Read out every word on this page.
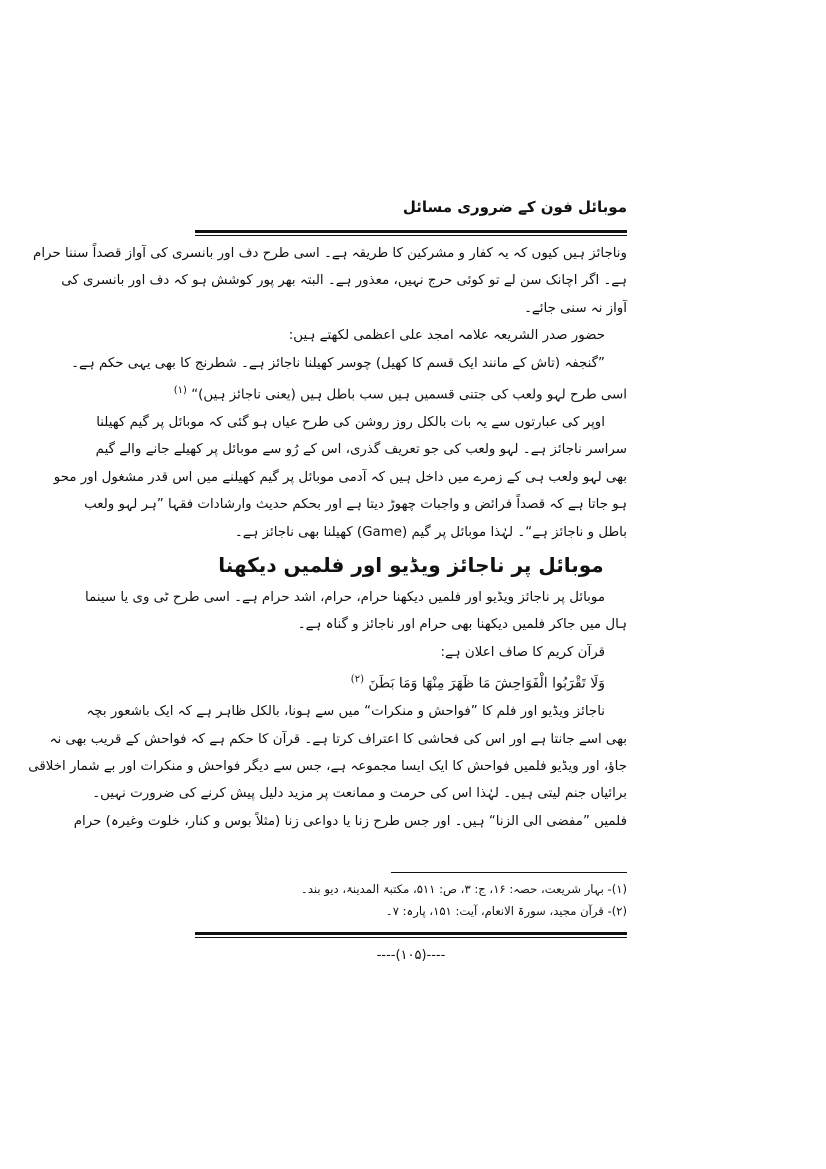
موبائل فون کے ضروری مسائل
وناجائز ہیں کیوں کہ یہ کفار و مشرکین کا طریقہ ہے۔ اسی طرح دف اور بانسری کی آواز قصداً سننا حرام
ہے۔ اگر اچانک سن لے تو کوئی حرج نہیں، معذور ہے۔ البتہ بھر پور کوشش ہو کہ دف اور بانسری کی
آواز نہ سنی جائے۔
حضور صدر الشریعہ علامہ امجد علی اعظمی لکھتے ہیں:
”گنجفہ (تاش کے مانند ایک قسم کا کھیل) چوسر کھیلنا ناجائز ہے۔ شطرنج کا بھی یہی حکم ہے۔
اسی طرح لہو ولعب کی جتنی قسمیں ہیں سب باطل ہیں (یعنی ناجائز ہیں)“ $^{(۱)}$
اوپر کی عبارتوں سے یہ بات بالکل روز روشن کی طرح عیاں ہو گئی کہ موبائل پر گیم کھیلنا
سراسر ناجائز ہے۔ لہو ولعب کی جو تعریف گذری، اس کے رُو سے موبائل پر کھیلے جانے والے گیم
بھی لہو ولعب ہی کے زمرے میں داخل ہیں کہ آدمی موبائل پر گیم کھیلنے میں اس قدر مشغول اور محو
ہو جاتا ہے کہ قصداً فرائض و واجبات چھوڑ دیتا ہے اور بحکم حدیث وارشادات فقہا ”ہر لہو ولعب
باطل و ناجائز ہے“۔ لہٰذا موبائل پر گیم (Game) کھیلنا بھی ناجائز ہے۔
موبائل پر ناجائز ویڈیو اور فلمیں دیکھنا
موبائل پر ناجائز ویڈیو اور فلمیں دیکھنا حرام، حرام، اشد حرام ہے۔ اسی طرح ٹی وی یا سینما
ہال میں جاکر فلمیں دیکھنا بھی حرام اور ناجائز و گناہ ہے۔
قرآن کریم کا صاف اعلان ہے:
وَلَا تَقْرَبُوا الْفَوَاحِشَ مَا ظَهَرَ مِنْهَا وَمَا بَطَنَ $^{(۲)}$
ناجائز ویڈیو اور فلم کا ”فواحش و منکرات“ میں سے ہونا، بالکل ظاہر ہے کہ ایک باشعور بچہ
بھی اسے جانتا ہے اور اس کی فحاشی کا اعتراف کرتا ہے۔ قرآن کا حکم ہے کہ فواحش کے قریب بھی نہ
جاؤ، اور ویڈیو فلمیں فواحش کا ایک ایسا مجموعہ ہے، جس سے دیگر فواحش و منکرات اور بے شمار اخلاقی
برائیاں جنم لیتی ہیں۔ لہٰذا اس کی حرمت و ممانعت پر مزید دلیل پیش کرنے کی ضرورت نہیں۔
فلمیں ”مفضی الی الزنا“ ہیں۔ اور جس طرح زنا یا دواعی زنا (مثلاً بوس و کنار، خلوت وغیرہ) حرام
(۱)- بہار شریعت، حصہ: ۱۶، ج: ۳، ص: ۵۱۱، مکتبۃ المدینۃ، دیو بند۔
(۲)- قرآن مجید، سورۃ الانعام، آیت: ۱۵۱، پارہ: ۷۔
----(۱۰۵)----
